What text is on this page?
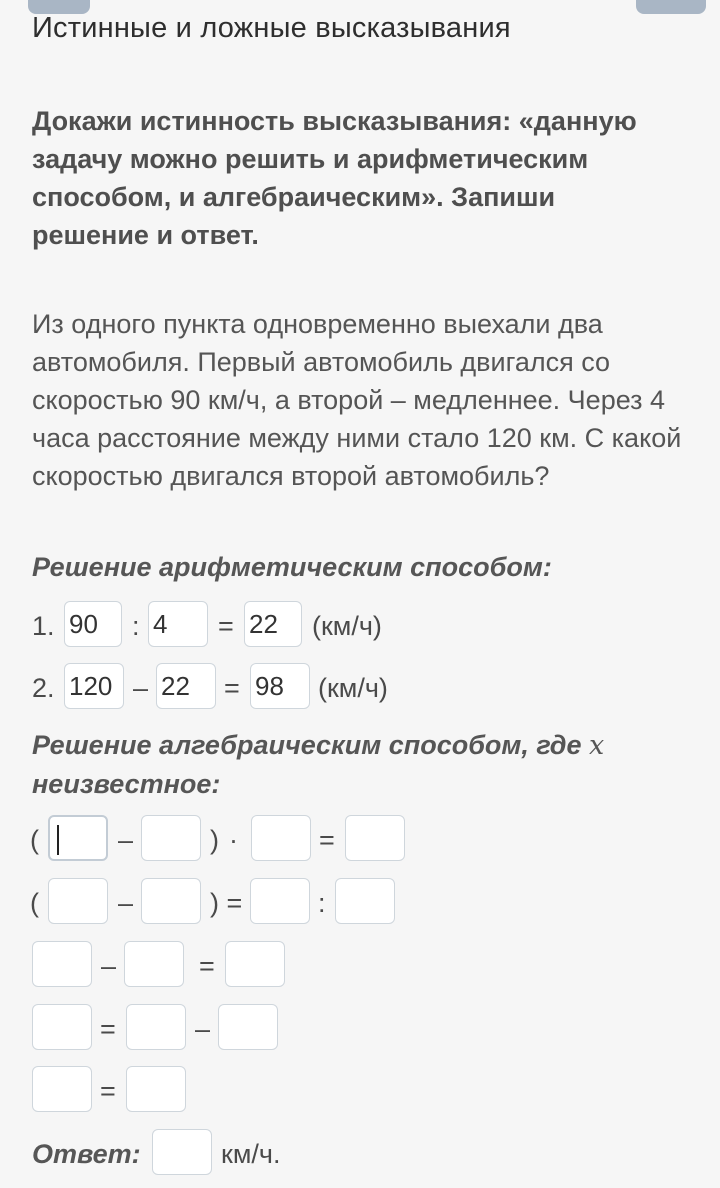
Истинные и ложные высказывания

Докажи истинность высказывания: «данную задачу можно решить и арифметическим способом, и алгебраическим». Запиши решение и ответ.

Из одного пункта одновременно выехали два автомобиля. Первый автомобиль двигался со скоростью 90 км/ч, а второй – медленнее. Через 4 часа расстояние между ними стало 120 км. С какой скоростью двигался второй автомобиль?

Решение арифметическим способом:

1.
90	:
4	=
22	(км/ч)
2.
120	–
22	=
98	(км/ч)

Решение алгебраическим способом, где x неизвестное:

(	–	) ·	=
(	–	) =	:
–	=
=	–
=
Ответ:	км/ч.
